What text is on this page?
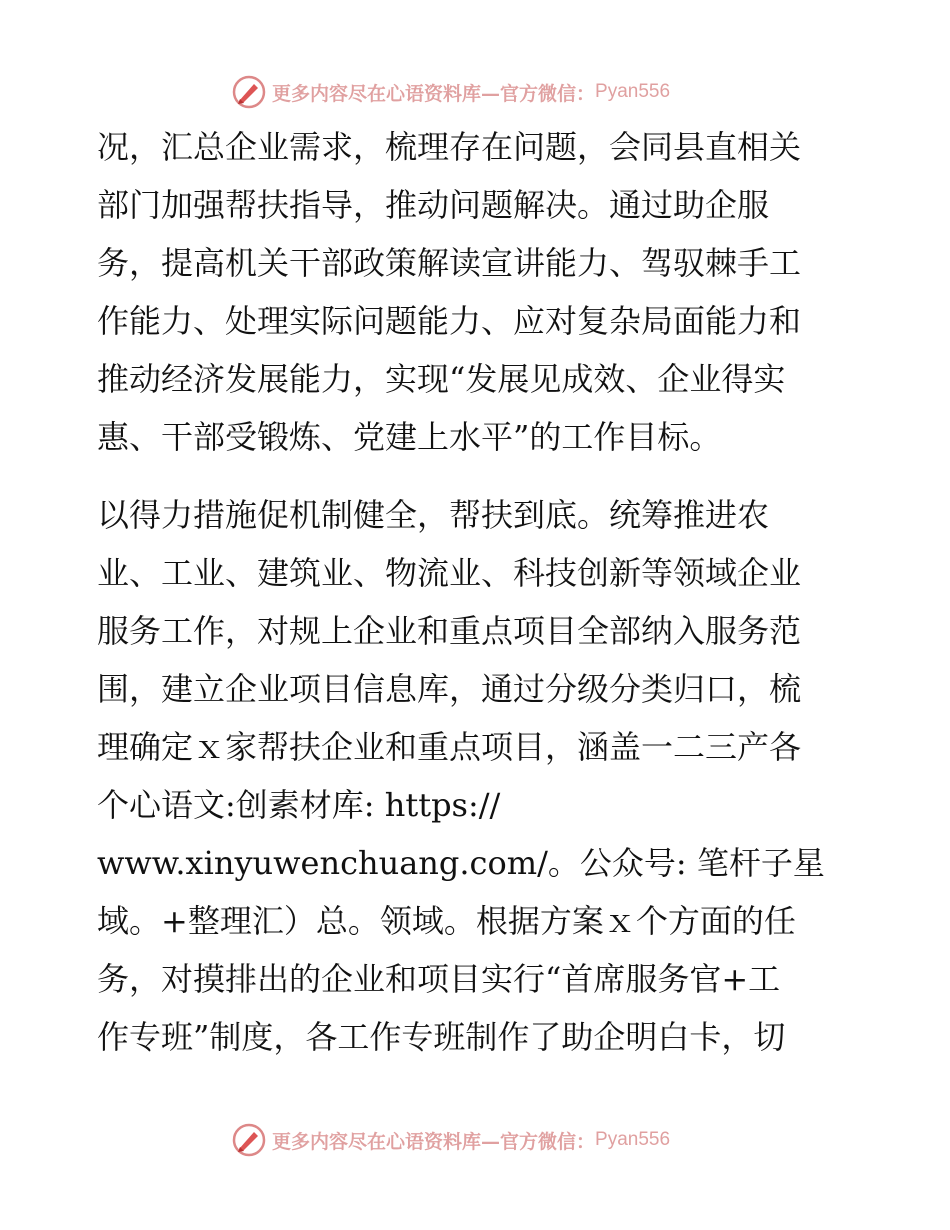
更多内容尽在心语资料库—官方微信： Pyan556
况，汇总企业需求，梳理存在问题，会同县直相关
部门加强帮扶指导，推动问题解决。通过助企服
务，提高机关干部政策解读宣讲能力、驾驭棘手工
作能力、处理实际问题能力、应对复杂局面能力和
推动经济发展能力，实现“发展见成效、企业得实
惠、干部受锻炼、党建上水平”的工作目标。
以得力措施促机制健全，帮扶到底。统筹推进农
业、工业、建筑业、物流业、科技创新等领域企业
服务工作，对规上企业和重点项目全部纳入服务范
围，建立企业项目信息库，通过分级分类归口，梳
理确定ｘ家帮扶企业和重点项目，涵盖一二三产各
个心语文:创素材库: https://
www.xinyuwenchuang.com/。公众号: 笔杆子星
域。+整理汇）总。领域。根据方案ｘ个方面的任
务，对摸排出的企业和项目实行“首席服务官+工
作专班”制度，各工作专班制作了助企明白卡，切
更多内容尽在心语资料库—官方微信： Pyan556
